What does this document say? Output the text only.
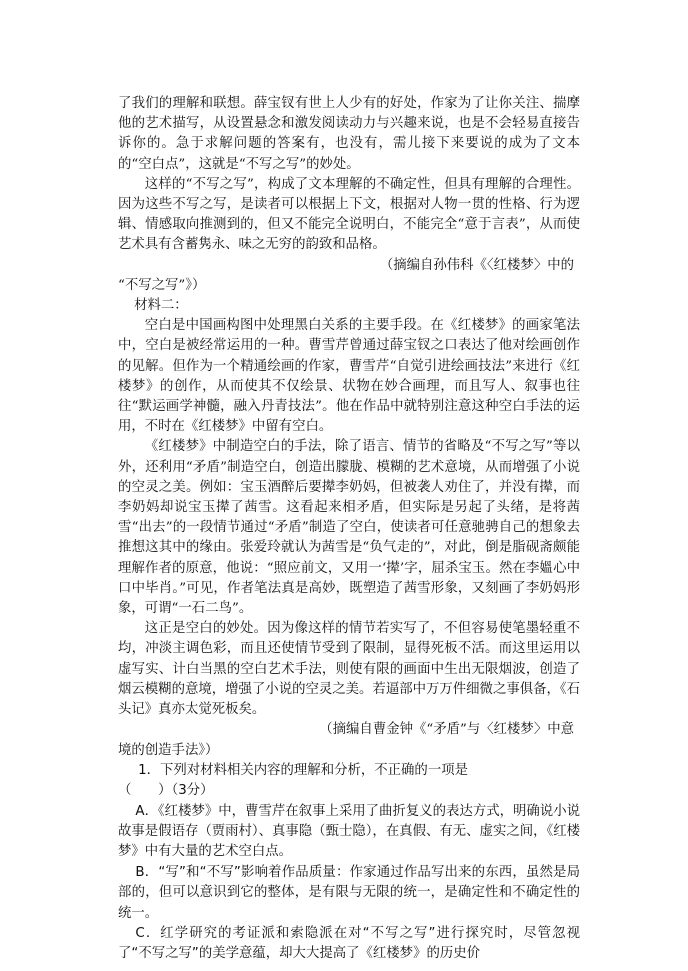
了我们的理解和联想。薛宝钗有世上人少有的好处，作家为了让你关注、揣摩他的艺术描写，从设置悬念和激发阅读动力与兴趣来说，也是不会轻易直接告诉你的。急于求解问题的答案有，也没有，需儿接下来要说的成为了文本的“空白点”，这就是“不写之写”的妙处。

这样的“不写之写”，构成了文本理解的不确定性，但具有理解的合理性。因为这些不写之写，是读者可以根据上下文，根据对人物一贯的性格、行为逻辑、情感取向推测到的，但又不能完全说明白，不能完全“意于言表”，从而使艺术具有含蓄隽永、味之无穷的韵致和品格。

（摘编自孙伟科《〈红楼梦〉中的

“不写之写”》）

材料二：

空白是中国画构图中处理黑白关系的主要手段。在《红楼梦》的画家笔法中，空白是被经常运用的一种。曹雪芹曾通过薛宝钗之口表达了他对绘画创作的见解。但作为一个精通绘画的作家，曹雪芹“自觉引进绘画技法”来进行《红楼梦》的创作，从而使其不仅绘景、状物在妙合画理，而且写人、叙事也往往“默运画学神髓，融入丹青技法”。他在作品中就特别注意这种空白手法的运用，不时在《红楼梦》中留有空白。

《红楼梦》中制造空白的手法，除了语言、情节的省略及“不写之写”等以外，还利用“矛盾”制造空白，创造出朦胧、模糊的艺术意境，从而增强了小说的空灵之美。例如：宝玉酒醉后要撵李奶妈，但被袭人劝住了，并没有撵，而李奶妈却说宝玉撵了茜雪。这看起来相矛盾，但实际是另起了头绪，是将茜雪“出去”的一段情节通过“矛盾”制造了空白，使读者可任意驰骋自己的想象去推想这其中的缘由。张爱玲就认为茜雪是“负气走的”，对此，倒是脂砚斋颇能理解作者的原意，他说：“照应前文，又用一‘撵’字，屈杀宝玉。然在李媼心中口中毕肖。”可见，作者笔法真是高妙，既塑造了茜雪形象，又刻画了李奶妈形象，可谓“一石二鸟”。

这正是空白的妙处。因为像这样的情节若实写了，不但容易使笔墨轻重不均，冲淡主调色彩，而且还使情节受到了限制，显得死板不活。而这里运用以虚写实、计白当黑的空白艺术手法，则使有限的画面中生出无限烟波，创造了烟云模糊的意境，增强了小说的空灵之美。若逼部中万万件细微之事俱备，《石头记》真亦太觉死板矣。

（摘编自曹金钟《“矛盾”与〈红楼梦〉中意

境的创造手法》）

1．下列对材料相关内容的理解和分析，不正确的一项是

（　　）（3分）

A．《红楼梦》中，曹雪芹在叙事上采用了曲折复义的表达方式，明确说小说故事是假语存（贾雨村）、真事隐（甄士隐），在真假、有无、虚实之间，《红楼梦》中有大量的艺术空白点。

B．“写”和“不写”影响着作品质量：作家通过作品写出来的东西，虽然是局部的，但可以意识到它的整体，是有限与无限的统一，是确定性和不确定性的统一。

C．红学研究的考证派和索隐派在对“不写之写”进行探究时，尽管忽视了“不写之写”的美学意蕴，却大大提高了《红楼梦》的历史价
